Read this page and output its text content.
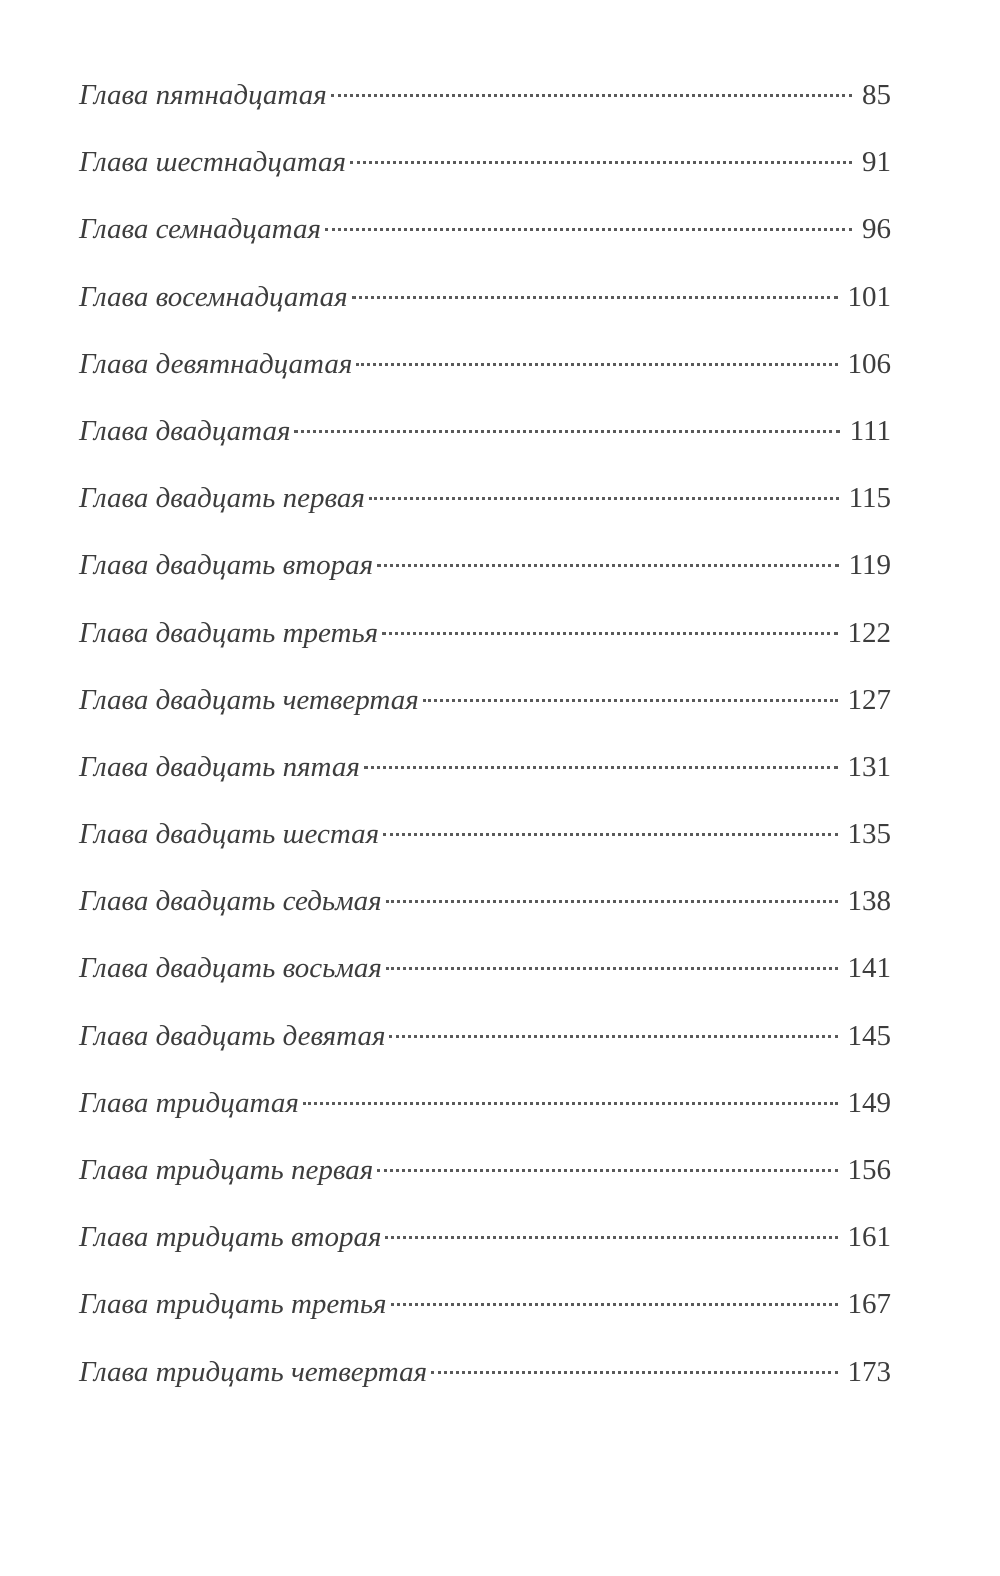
Глава пятнадцатая	85
Глава шестнадцатая	91
Глава семнадцатая	96
Глава восемнадцатая	101
Глава девятнадцатая	106
Глава двадцатая	111
Глава двадцать первая	115
Глава двадцать вторая	119
Глава двадцать третья	122
Глава двадцать четвертая	127
Глава двадцать пятая	131
Глава двадцать шестая	135
Глава двадцать седьмая	138
Глава двадцать восьмая	141
Глава двадцать девятая	145
Глава тридцатая	149
Глава тридцать первая	156
Глава тридцать вторая	161
Глава тридцать третья	167
Глава тридцать четвертая	173
